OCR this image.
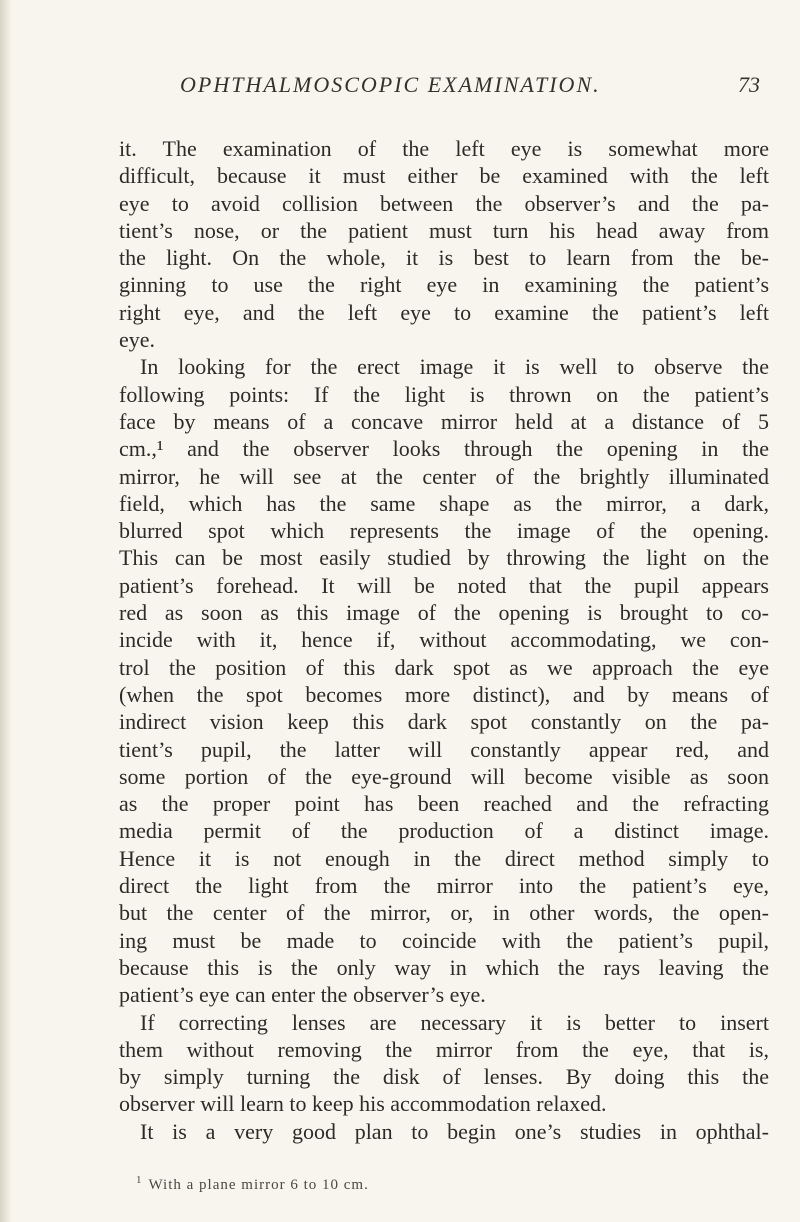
OPHTHALMOSCOPIC EXAMINATION.	73
it. The examination of the left eye is somewhat more
difficult, because it must either be examined with the left
eye to avoid collision between the observer’s and the pa-
tient’s nose, or the patient must turn his head away from
the light. On the whole, it is best to learn from the be-
ginning to use the right eye in examining the patient’s
right eye, and the left eye to examine the patient’s left
eye.
In looking for the erect image it is well to observe the
following points: If the light is thrown on the patient’s
face by means of a concave mirror held at a distance of 5
cm.,¹ and the observer looks through the opening in the
mirror, he will see at the center of the brightly illuminated
field, which has the same shape as the mirror, a dark,
blurred spot which represents the image of the opening.
This can be most easily studied by throwing the light on the
patient’s forehead. It will be noted that the pupil appears
red as soon as this image of the opening is brought to co-
incide with it, hence if, without accommodating, we con-
trol the position of this dark spot as we approach the eye
(when the spot becomes more distinct), and by means of
indirect vision keep this dark spot constantly on the pa-
tient’s pupil, the latter will constantly appear red, and
some portion of the eye-ground will become visible as soon
as the proper point has been reached and the refracting
media permit of the production of a distinct image.
Hence it is not enough in the direct method simply to
direct the light from the mirror into the patient’s eye,
but the center of the mirror, or, in other words, the open-
ing must be made to coincide with the patient’s pupil,
because this is the only way in which the rays leaving the
patient’s eye can enter the observer’s eye.
If correcting lenses are necessary it is better to insert
them without removing the mirror from the eye, that is,
by simply turning the disk of lenses. By doing this the
observer will learn to keep his accommodation relaxed.
It is a very good plan to begin one’s studies in ophthal-
$^1$ With a plane mirror 6 to 10 cm.
